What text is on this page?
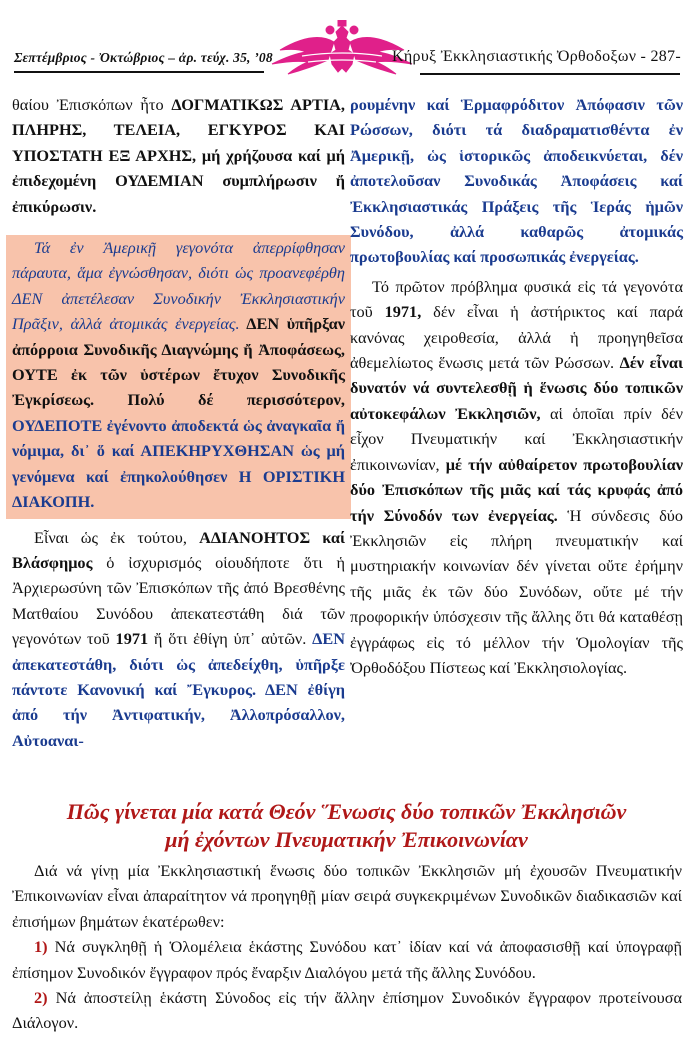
Σεπτέμβριος - Ὀκτώβριος – ἀρ. τεύχ. 35, ’08	Κήρυξ Ἐκκλησιαστικής Ὀρθοδοξων - 287-

θαίου Ἐπισκόπων ἦτο ΔΟΓΜΑΤΙΚΩΣ ΑΡΤΙΑ, ΠΛΗΡΗΣ, ΤΕΛΕΙΑ, ΕΓΚΥΡΟΣ ΚΑΙ ΥΠΟΣΤΑΤΗ ΕΞ ΑΡΧΗΣ, μή χρήζουσα καί μή ἐπιδεχομένη ΟΥΔΕΜΙΑΝ συμπλήρωσιν ἤ ἐπικύρωσιν.

Τά ἐν Ἀμερικῇ γεγονότα ἀπερρίφθησαν πάραυτα, ἅμα ἐγνώσθησαν, διότι ὡς προανεφέρθη ΔΕΝ ἀπετέλεσαν Συνοδικήν Ἐκκλησιαστικήν Πρᾶξιν, ἀλλά ἀτομικάς ἐνεργείας. ΔΕΝ ὑπῆρξαν ἀπόρροια Συνοδικῆς Διαγνώμης ἤ Ἀποφάσεως, ΟΥΤΕ ἐκ τῶν ὑστέρων ἔτυχον Συνοδικῆς Ἐγκρίσεως. Πολύ δέ περισσότερον, ΟΥΔΕΠΟΤΕ ἐγένοντο ἀποδεκτά ὡς ἀναγκαῖα ἤ νόμιμα, δι᾽ ὅ καί ΑΠΕΚΗΡΥΧΘΗΣΑΝ ὡς μή γενόμενα καί ἐπηκολούθησεν Η ΟΡΙΣΤΙΚΗ ΔΙΑΚΟΠΗ.

Εἶναι ὡς ἐκ τούτου, ΑΔΙΑΝΟΗΤΟΣ καί Βλάσφημος ὁ ἰσχυρισμός οἱουδήποτε ὅτι ἡ Ἀρχιερωσύνη τῶν Ἐπισκόπων τῆς ἀπό Βρεσθένης Ματθαίου Συνόδου ἀπεκατεστάθη διά τῶν γεγονότων τοῦ 1971 ἤ ὅτι ἐθίγη ὑπ᾽ αὐτῶν. ΔΕΝ ἀπεκατεστάθη, διότι ὡς ἀπεδείχθη, ὑπῆρξε πάντοτε Κανονική καί Ἔγκυρος. ΔΕΝ ἐθίγη ἀπό τήν Ἀντιφατικήν, Ἀλλοπρόσαλλον, Αὐτοαναι-

ρουμένην καί Ἑρμαφρόδιτον Ἀπόφασιν τῶν Ρώσσων, διότι τά διαδραματισθέντα ἐν Ἀμερικῇ, ὡς ἱστορικῶς ἀποδεικνύεται, δέν ἀποτελοῦσαν Συνοδικάς Ἀποφάσεις καί Ἐκκλησιαστικάς Πράξεις τῆς Ἱεράς ἡμῶν Συνόδου, ἀλλά καθαρῶς ἀτομικάς πρωτοβουλίας καί προσωπικάς ἐνεργείας.

Τό πρῶτον πρόβλημα φυσικά εἰς τά γεγονότα τοῦ 1971, δέν εἶναι ἡ ἀστήρικτος καί παρά κανόνας χειροθεσία, ἀλλά ἡ προηγηθεῖσα ἀθεμελίωτος ἕνωσις μετά τῶν Ρώσσων. Δέν εἶναι δυνατόν νά συντελεσθῇ ἡ ἕνωσις δύο τοπικῶν αὐτοκεφάλων Ἐκκλησιῶν, αἱ ὁποῖαι πρίν δέν εἶχον Πνευματικήν καί Ἐκκλησιαστικήν ἐπικοινωνίαν, μέ τήν αὐθαίρετον πρωτοβουλίαν δύο Ἐπισκόπων τῆς μιᾶς καί τάς κρυφάς ἀπό τήν Σύνοδόν των ἐνεργείας. Ἡ σύνδεσις δύο Ἐκκλησιῶν εἰς πλήρη πνευματικήν καί μυστηριακήν κοινωνίαν δέν γίνεται οὔτε ἐρήμην τῆς μιᾶς ἐκ τῶν δύο Συνόδων, οὔτε μέ τήν προφορικήν ὑπόσχεσιν τῆς ἄλλης ὅτι θά καταθέσῃ ἐγγράφως εἰς τό μέλλον τήν Ὁμολογίαν τῆς Ὀρθοδόξου Πίστεως καί Ἐκκλησιολογίας.

Πῶς γίνεται μία κατά Θεόν Ἕνωσις δύο τοπικῶν Ἐκκλησιῶν
μή ἐχόντων Πνευματικήν Ἐπικοινωνίαν

Διά νά γίνῃ μία Ἐκκλησιαστική ἕνωσις δύο τοπικῶν Ἐκκλησιῶν μή ἐχουσῶν Πνευματικήν Ἐπικοινωνίαν εἶναι ἀπαραίτητον νά προηγηθῇ μίαν σειρά συγκεκριμένων Συνοδικῶν διαδικασιῶν καί ἐπισήμων βημάτων ἑκατέρωθεν:

1) Νά συγκληθῇ ἡ Ὁλομέλεια ἑκάστης Συνόδου κατ᾽ ἰδίαν καί νά ἀποφασισθῇ καί ὑπογραφῇ ἐπίσημον Συνοδικόν ἔγγραφον πρός ἔναρξιν Διαλόγου μετά τῆς ἄλλης Συνόδου.

2) Νά ἀποστείλῃ ἑκάστη Σύνοδος εἰς τήν ἄλλην ἐπίσημον Συνοδικόν ἔγγραφον προτείνουσα Διάλογον.
